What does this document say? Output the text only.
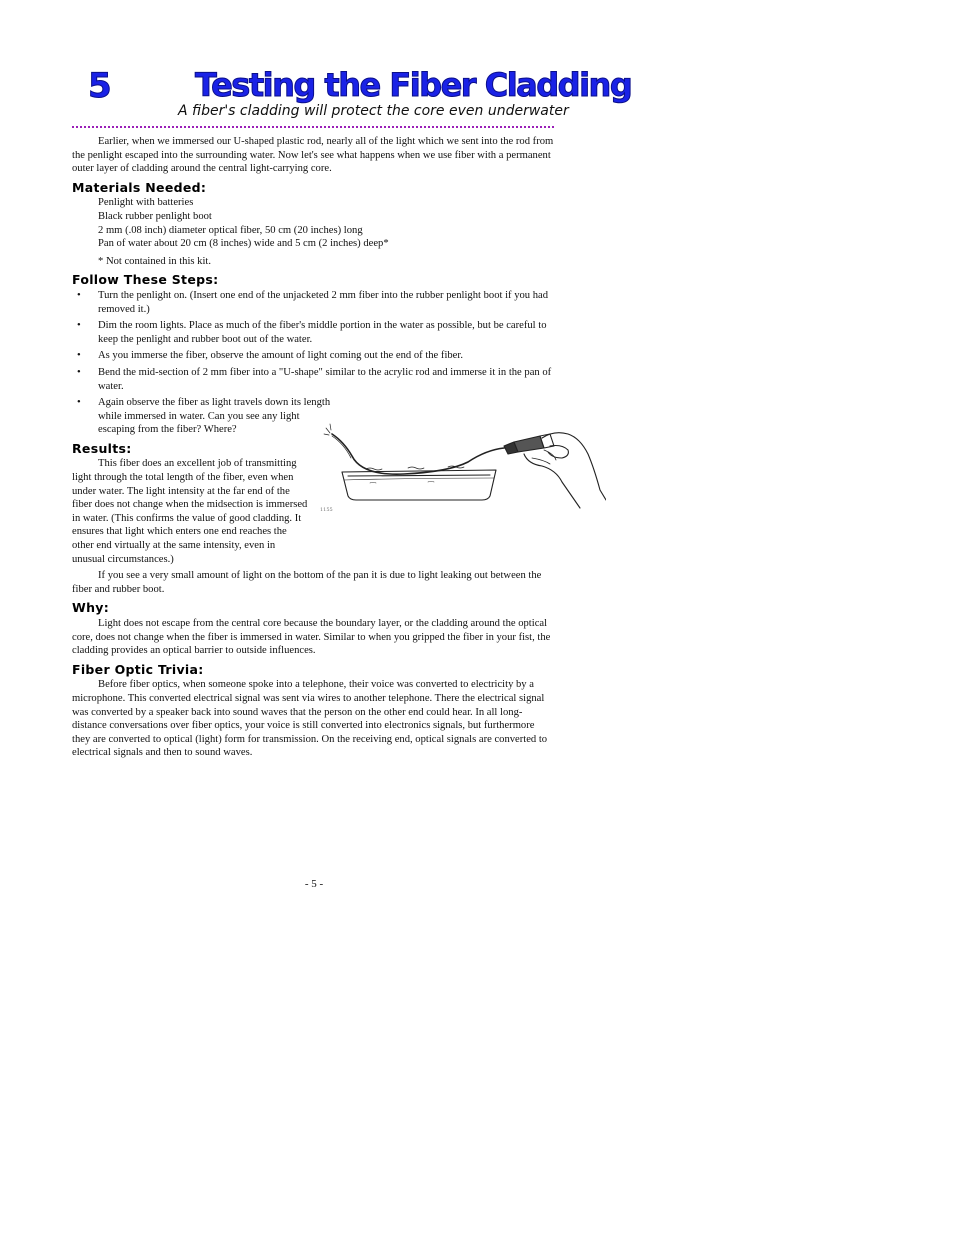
5	Testing the Fiber Cladding
A fiber's cladding will protect the core even underwater

Earlier, when we immersed our U-shaped plastic rod, nearly all of the light which we sent into the rod from the penlight escaped into the surrounding water. Now let's see what happens when we use fiber with a permanent outer layer of cladding around the central light-carrying core.

Materials Needed:
Penlight with batteries
Black rubber penlight boot
2 mm (.08 inch) diameter optical fiber, 50 cm (20 inches) long
Pan of water about 20 cm (8 inches) wide and 5 cm (2 inches) deep*
* Not contained in this kit.
Follow These Steps:
• Turn the penlight on. (Insert one end of the unjacketed 2 mm fiber into the rubber penlight boot if you had removed it.)
• Dim the room lights. Place as much of the fiber's middle portion in the water as possible, but be careful to keep the penlight and rubber boot out of the water.
• As you immerse the fiber, observe the amount of light coming out the end of the fiber.
• Bend the mid-section of 2 mm fiber into a "U-shape" similar to the acrylic rod and immerse it in the pan of water.
• Again observe the fiber as light travels down its length while immersed in water. Can you see any light escaping from the fiber? Where?
Results:

This fiber does an excellent job of transmitting light through the total length of the fiber, even when under water. The light intensity at the far end of the fiber does not change when the midsection is immersed in water. (This confirms the value of good cladding. It ensures that light which enters one end reaches the other end virtually at the same intensity, even in unusual circumstances.)

If you see a very small amount of light on the bottom of the pan it is due to light leaking out between the fiber and rubber boot.

Why:

Light does not escape from the central core because the boundary layer, or the cladding around the optical core, does not change when the fiber is immersed in water. Similar to when you gripped the fiber in your fist, the cladding provides an optical barrier to outside influences.

Fiber Optic Trivia:

Before fiber optics, when someone spoke into a telephone, their voice was converted to electricity by a microphone. This converted electrical signal was sent via wires to another telephone. There the electrical signal was converted by a speaker back into sound waves that the person on the other end could hear. In all long-distance conversations over fiber optics, your voice is still converted into electronics signals, but furthermore they are converted to optical (light) form for transmission. On the receiving end, optical signals are converted to electrical signals and then to sound waves.

1155
- 5 -
